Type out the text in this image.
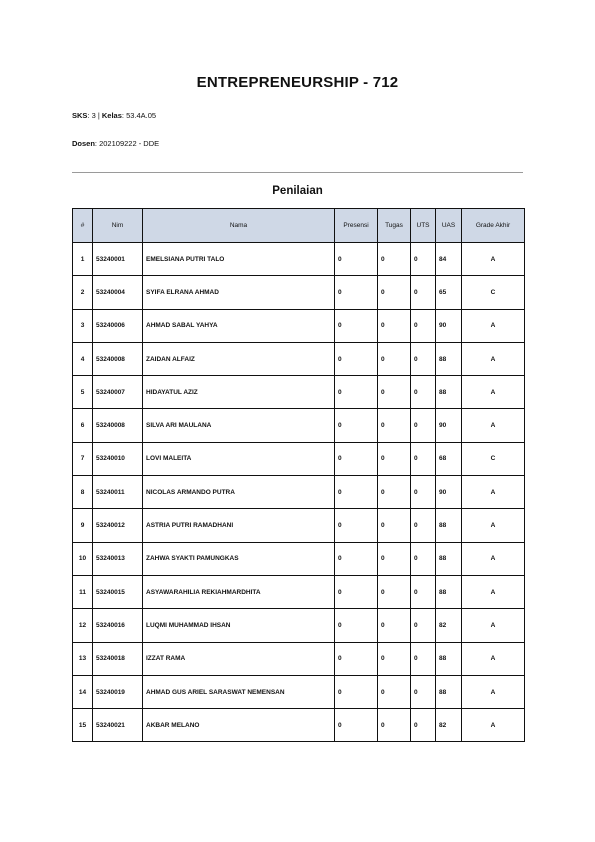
ENTREPRENEURSHIP - 712
SKS: 3 | Kelas: 53.4A.05
Dosen: 202109222 - DDE
Penilaian
#	Nim	Nama	Presensi	Tugas	UTS	UAS	Grade Akhir
1	53240001	EMELSIANA PUTRI TALO	0	0	0	84	A
2	53240004	SYIFA ELRANA AHMAD	0	0	0	65	C
3	53240006	AHMAD SABAL YAHYA	0	0	0	90	A
4	53240008	ZAIDAN ALFAIZ	0	0	0	88	A
5	53240007	HIDAYATUL AZIZ	0	0	0	88	A
6	53240008	SILVA ARI MAULANA	0	0	0	90	A
7	53240010	LOVI MALEITA	0	0	0	68	C
8	53240011	NICOLAS ARMANDO PUTRA	0	0	0	90	A
9	53240012	ASTRIA PUTRI RAMADHANI	0	0	0	88	A
10	53240013	ZAHWA SYAKTI PAMUNGKAS	0	0	0	88	A
11	53240015	ASYAWARAHILIA REKIAHMARDHITA	0	0	0	88	A
12	53240016	LUQMI MUHAMMAD IHSAN	0	0	0	82	A
13	53240018	IZZAT RAMA	0	0	0	88	A
14	53240019	AHMAD GUS ARIEL SARASWAT NEMENSAN	0	0	0	88	A
15	53240021	AKBAR MELANO	0	0	0	82	A
